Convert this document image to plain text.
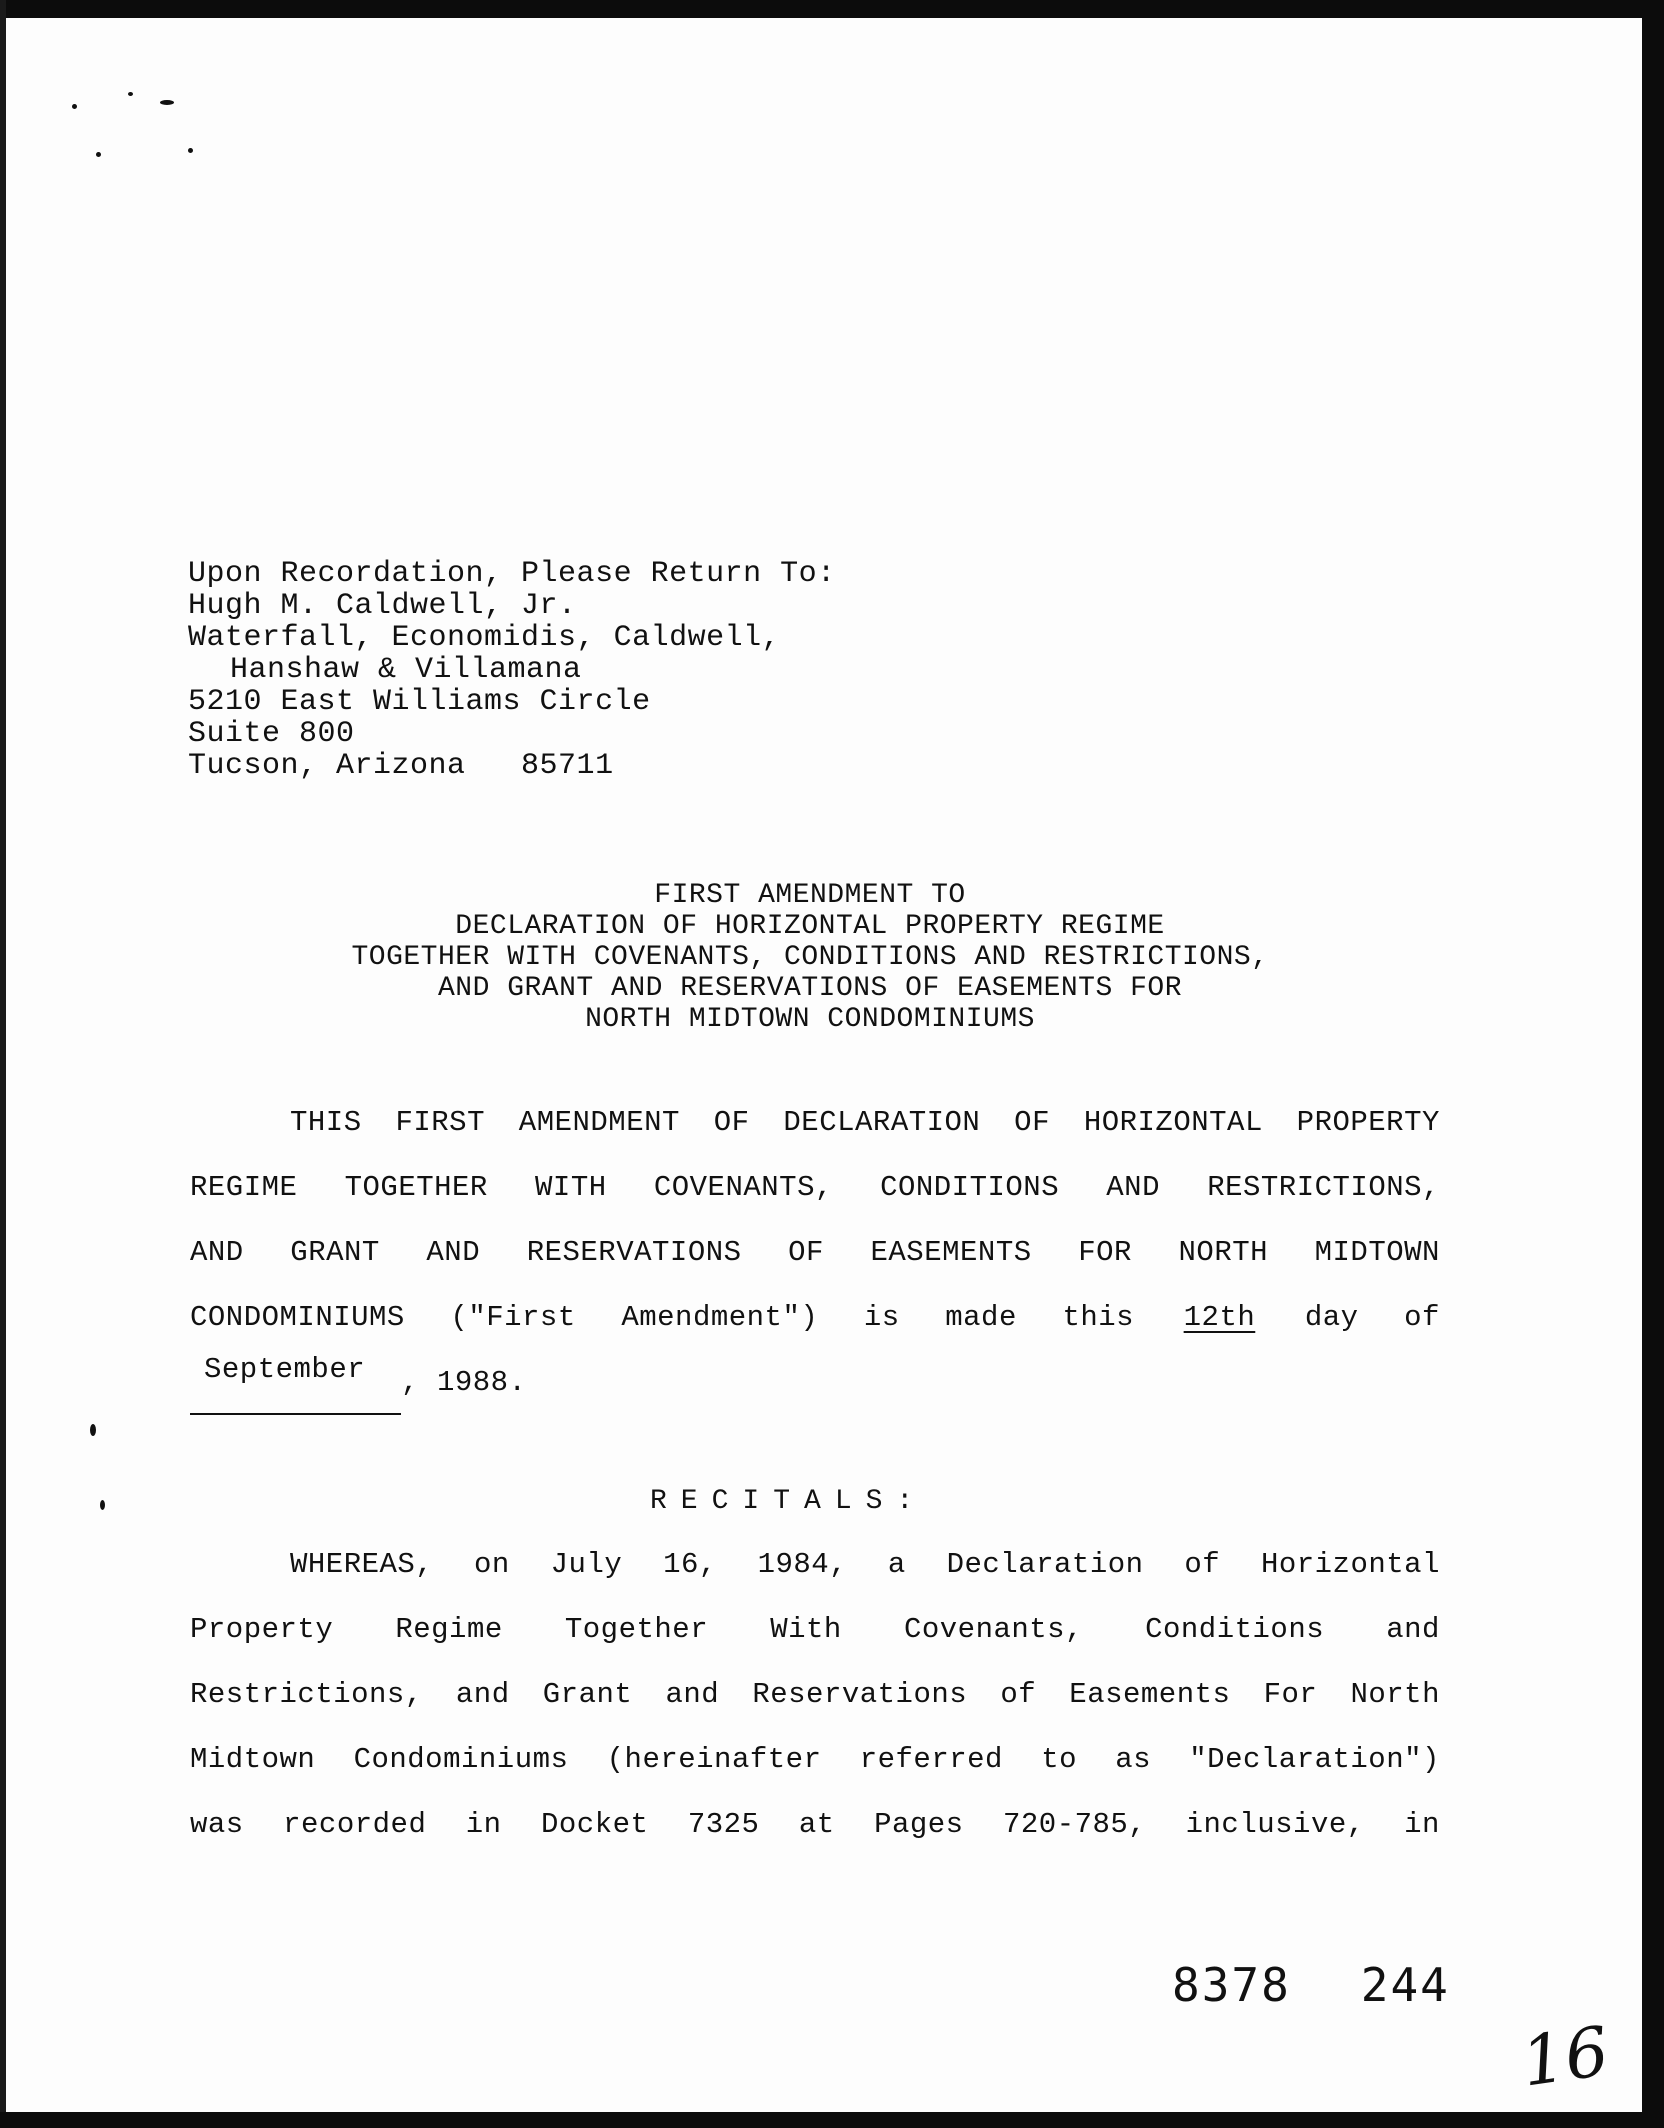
Upon Recordation, Please Return To:
Hugh M. Caldwell, Jr.
Waterfall, Economidis, Caldwell,
Hanshaw & Villamana
5210 East Williams Circle
Suite 800
Tucson, Arizona   85711
FIRST AMENDMENT TO
DECLARATION OF HORIZONTAL PROPERTY REGIME
TOGETHER WITH COVENANTS, CONDITIONS AND RESTRICTIONS,
AND GRANT AND RESERVATIONS OF EASEMENTS FOR
NORTH MIDTOWN CONDOMINIUMS
THIS FIRST AMENDMENT OF DECLARATION OF HORIZONTAL PROPERTY
REGIME TOGETHER WITH COVENANTS, CONDITIONS AND RESTRICTIONS,
AND GRANT AND RESERVATIONS OF EASEMENTS FOR NORTH MIDTOWN
CONDOMINIUMS ("First Amendment") is made this 12th day of
September	, 1988.
RECITALS:
WHEREAS, on July 16, 1984, a Declaration of Horizontal
Property Regime Together With Covenants, Conditions and
Restrictions, and Grant and Reservations of Easements For North
Midtown Condominiums (hereinafter referred to as "Declaration")
was recorded in Docket 7325 at Pages 720-785, inclusive, in
8378 244
16
